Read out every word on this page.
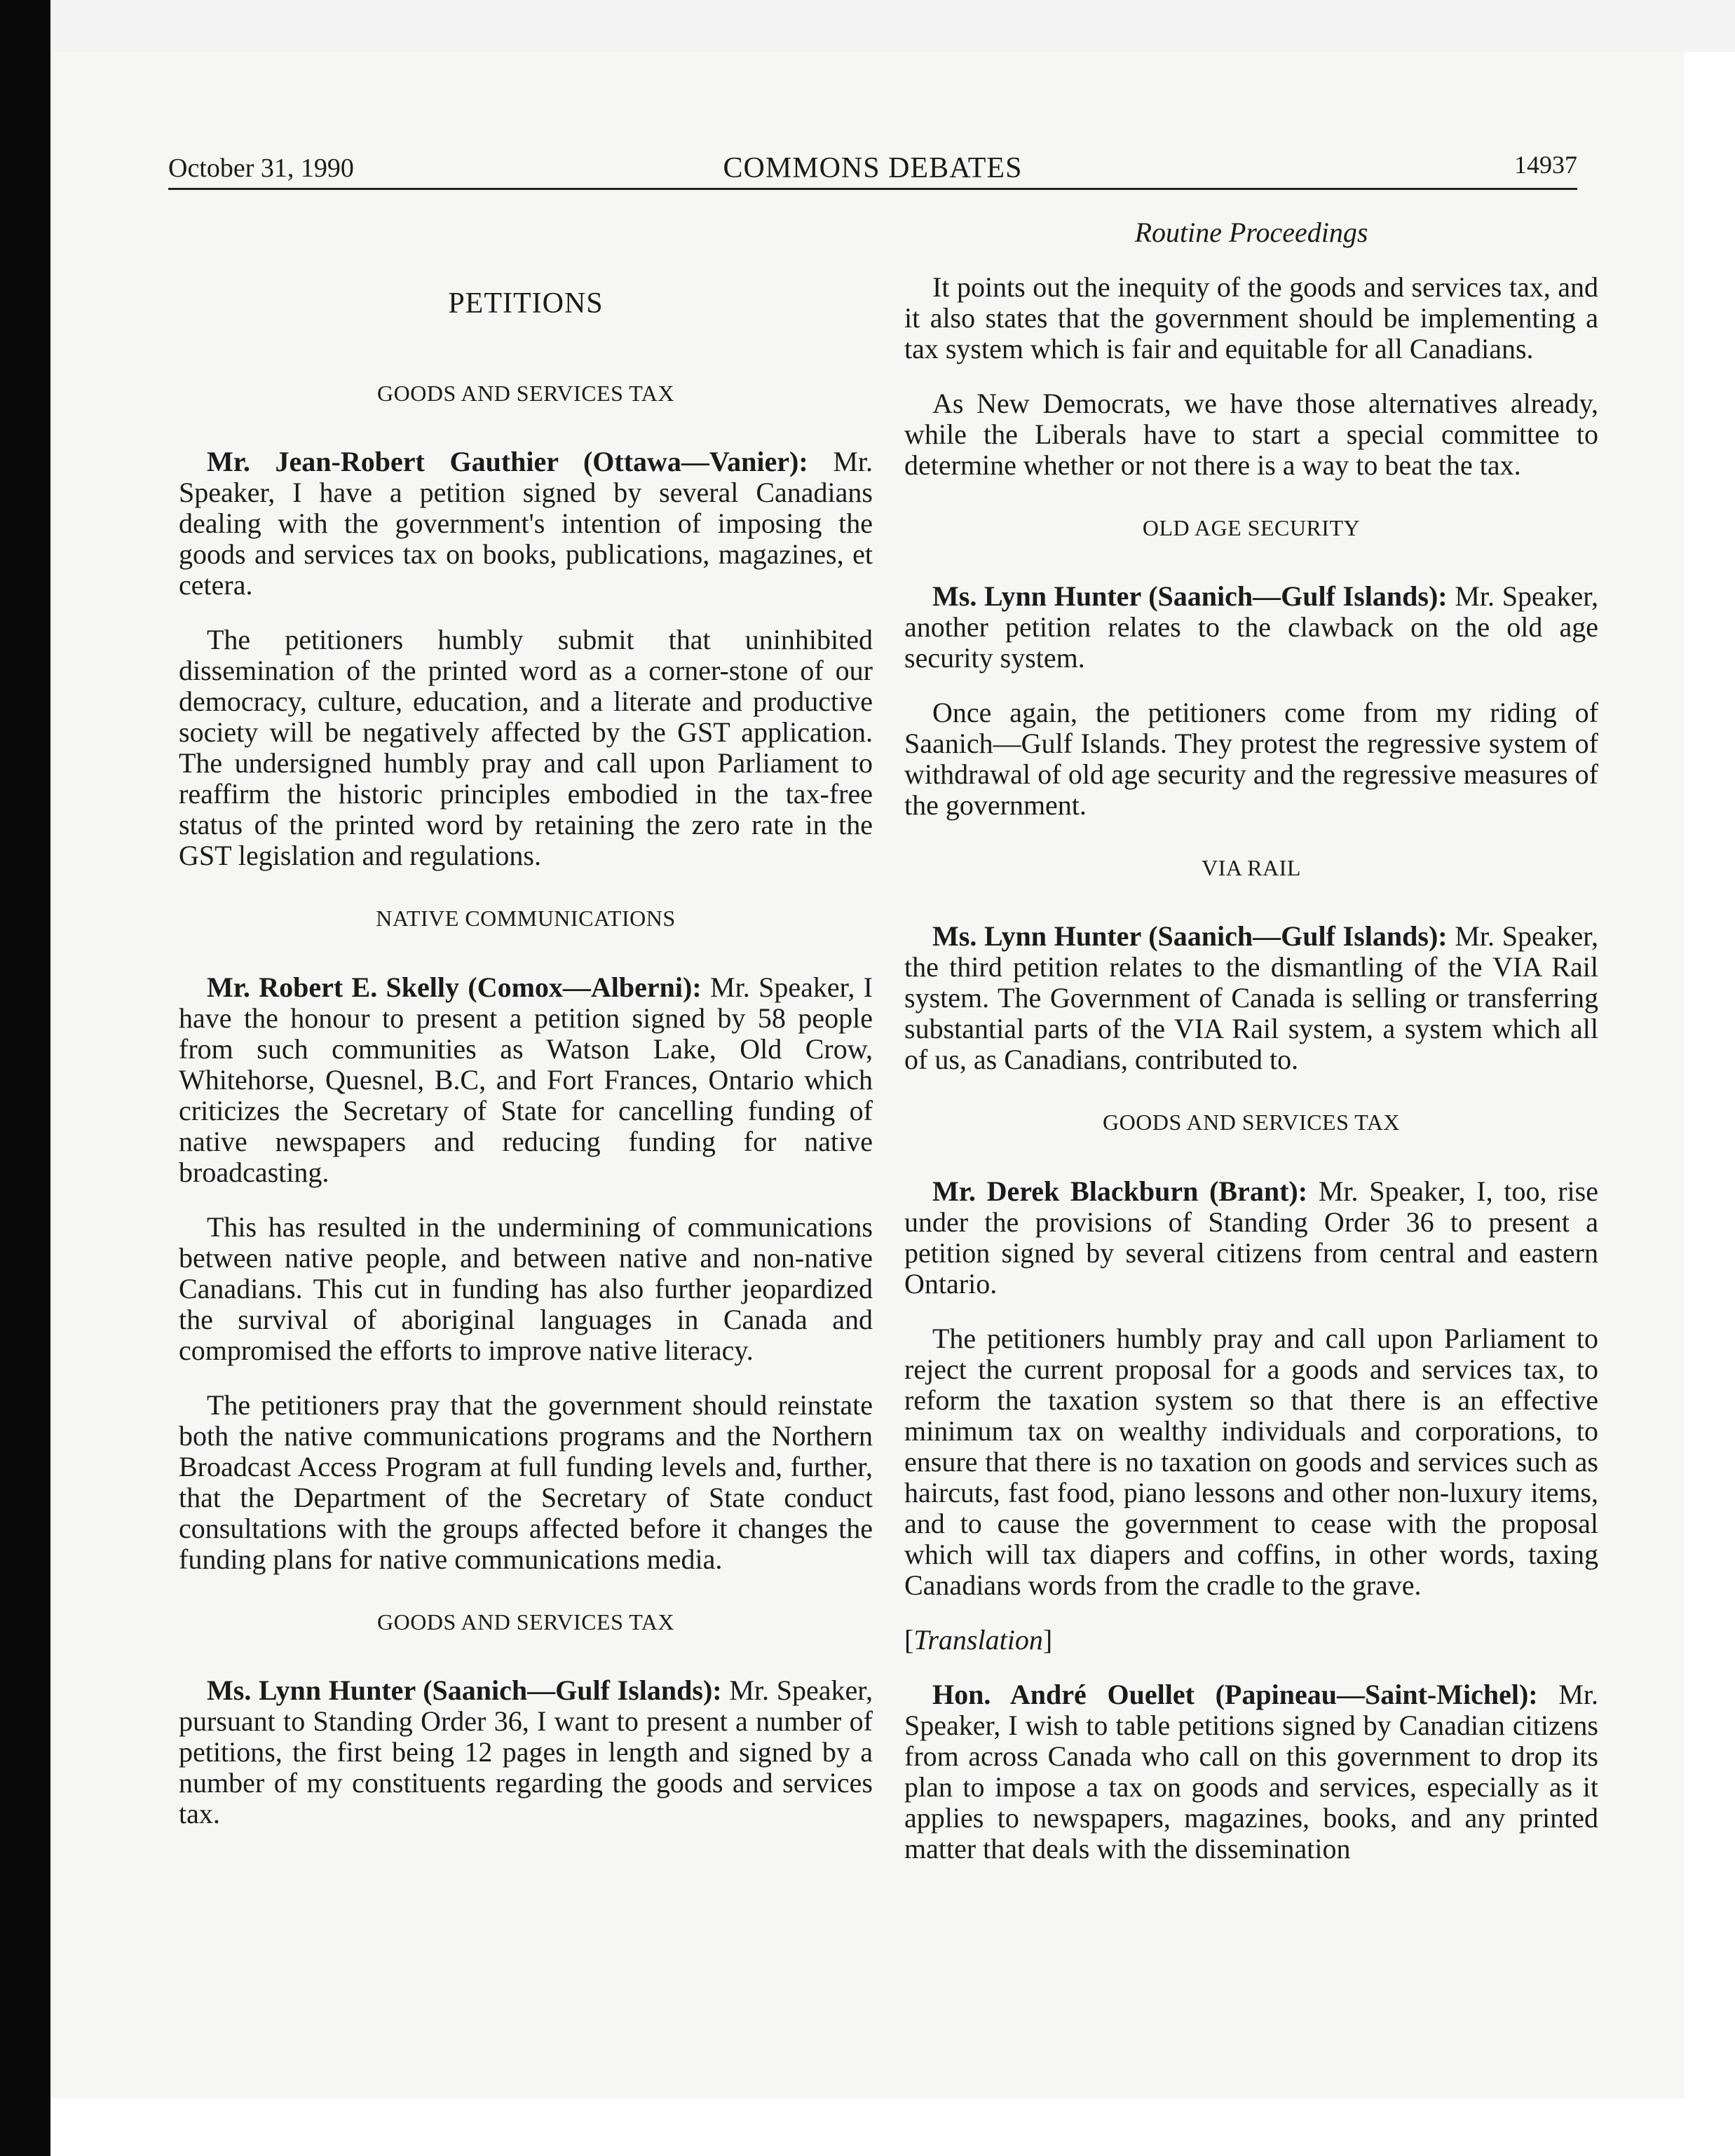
October 31, 1990	COMMONS DEBATES	14937
PETITIONS
GOODS AND SERVICES TAX

Mr. Jean-Robert Gauthier (Ottawa—Vanier): Mr. Speaker, I have a petition signed by several Canadians dealing with the government's intention of imposing the goods and services tax on books, publications, magazines, et cetera.

The petitioners humbly submit that uninhibited dissemination of the printed word as a corner-stone of our democracy, culture, education, and a literate and productive society will be negatively affected by the GST application. The undersigned humbly pray and call upon Parliament to reaffirm the historic principles embodied in the tax-free status of the printed word by retaining the zero rate in the GST legislation and regulations.

NATIVE COMMUNICATIONS

Mr. Robert E. Skelly (Comox—Alberni): Mr. Speaker, I have the honour to present a petition signed by 58 people from such communities as Watson Lake, Old Crow, Whitehorse, Quesnel, B.C, and Fort Frances, Ontario which criticizes the Secretary of State for cancelling funding of native newspapers and reducing funding for native broadcasting.

This has resulted in the undermining of communications between native people, and between native and non-native Canadians. This cut in funding has also further jeopardized the survival of aboriginal languages in Canada and compromised the efforts to improve native literacy.

The petitioners pray that the government should reinstate both the native communications programs and the Northern Broadcast Access Program at full funding levels and, further, that the Department of the Secretary of State conduct consultations with the groups affected before it changes the funding plans for native communications media.

GOODS AND SERVICES TAX

Ms. Lynn Hunter (Saanich—Gulf Islands): Mr. Speaker, pursuant to Standing Order 36, I want to present a number of petitions, the first being 12 pages in length and signed by a number of my constituents regarding the goods and services tax.

Routine Proceedings

It points out the inequity of the goods and services tax, and it also states that the government should be implementing a tax system which is fair and equitable for all Canadians.

As New Democrats, we have those alternatives already, while the Liberals have to start a special committee to determine whether or not there is a way to beat the tax.

OLD AGE SECURITY

Ms. Lynn Hunter (Saanich—Gulf Islands): Mr. Speaker, another petition relates to the clawback on the old age security system.

Once again, the petitioners come from my riding of Saanich—Gulf Islands. They protest the regressive system of withdrawal of old age security and the regressive measures of the government.

VIA RAIL

Ms. Lynn Hunter (Saanich—Gulf Islands): Mr. Speaker, the third petition relates to the dismantling of the VIA Rail system. The Government of Canada is selling or transferring substantial parts of the VIA Rail system, a system which all of us, as Canadians, contributed to.

GOODS AND SERVICES TAX

Mr. Derek Blackburn (Brant): Mr. Speaker, I, too, rise under the provisions of Standing Order 36 to present a petition signed by several citizens from central and eastern Ontario.

The petitioners humbly pray and call upon Parliament to reject the current proposal for a goods and services tax, to reform the taxation system so that there is an effective minimum tax on wealthy individuals and corporations, to ensure that there is no taxation on goods and services such as haircuts, fast food, piano lessons and other non-luxury items, and to cause the government to cease with the proposal which will tax diapers and coffins, in other words, taxing Canadians words from the cradle to the grave.

[Translation]

Hon. André Ouellet (Papineau—Saint-Michel): Mr. Speaker, I wish to table petitions signed by Canadian citizens from across Canada who call on this government to drop its plan to impose a tax on goods and services, especially as it applies to newspapers, magazines, books, and any printed matter that deals with the dissemination
